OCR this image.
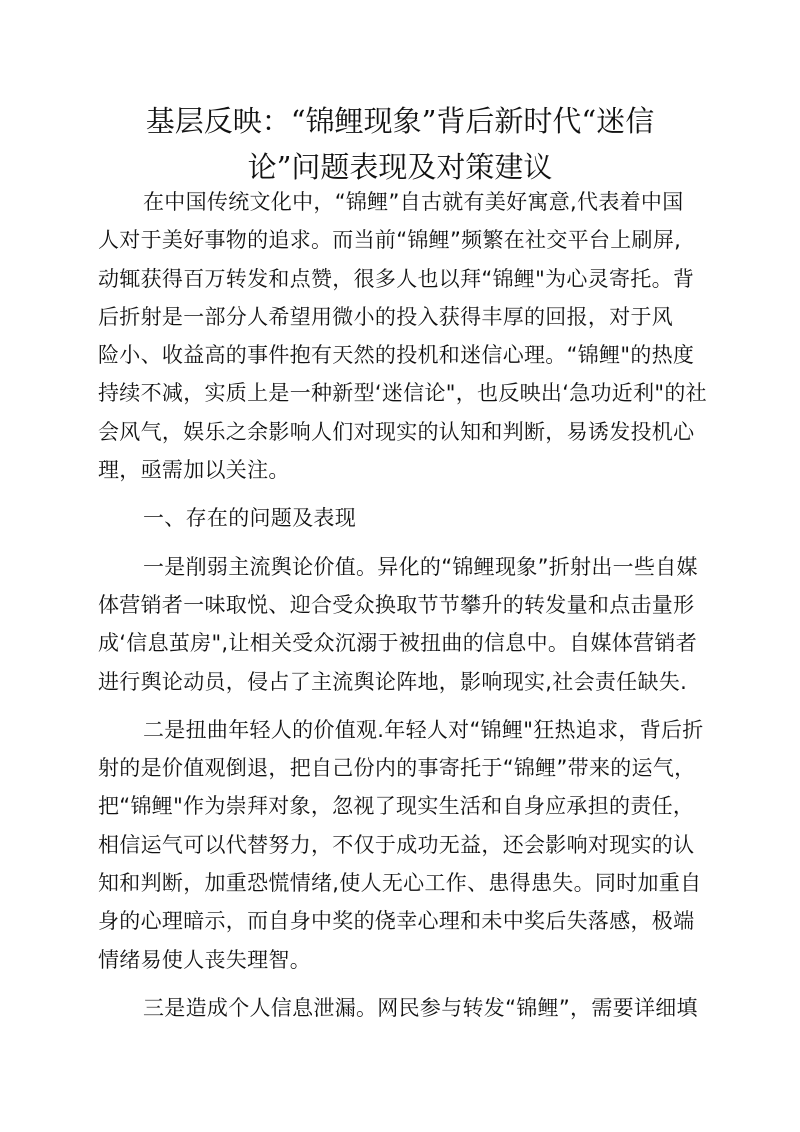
基层反映：“锦鲤现象”背后新时代“迷信
论”问题表现及对策建议

在中国传统文化中，“锦鲤”自古就有美好寓意,代表着中国
人对于美好事物的追求。而当前“锦鲤”频繁在社交平台上刷屏,
动辄获得百万转发和点赞，很多人也以拜“锦鲤"为心灵寄托。背
后折射是一部分人希望用微小的投入获得丰厚的回报，对于风
险小、收益高的事件抱有天然的投机和迷信心理。“锦鲤"的热度
持续不减，实质上是一种新型‘迷信论"，也反映出‘急功近利"的社
会风气，娱乐之余影响人们对现实的认知和判断，易诱发投机心
理，亟需加以关注。

一、存在的问题及表现

一是削弱主流舆论价值。异化的“锦鲤现象”折射出一些自媒
体营销者一味取悦、迎合受众换取节节攀升的转发量和点击量形
成‘信息茧房",让相关受众沉溺于被扭曲的信息中。自媒体营销者
进行舆论动员，侵占了主流舆论阵地，影响现实,社会责任缺失.

二是扭曲年轻人的价值观.年轻人对“锦鲤"狂热追求，背后折
射的是价值观倒退，把自己份内的事寄托于“锦鲤”带来的运气，
把“锦鲤"作为崇拜对象，忽视了现实生活和自身应承担的责任，
相信运气可以代替努力，不仅于成功无益，还会影响对现实的认
知和判断，加重恐慌情绪,使人无心工作、患得患失。同时加重自
身的心理暗示，而自身中奖的侥幸心理和未中奖后失落感，极端
情绪易使人丧失理智。

三是造成个人信息泄漏。网民参与转发“锦鲤”，需要详细填
